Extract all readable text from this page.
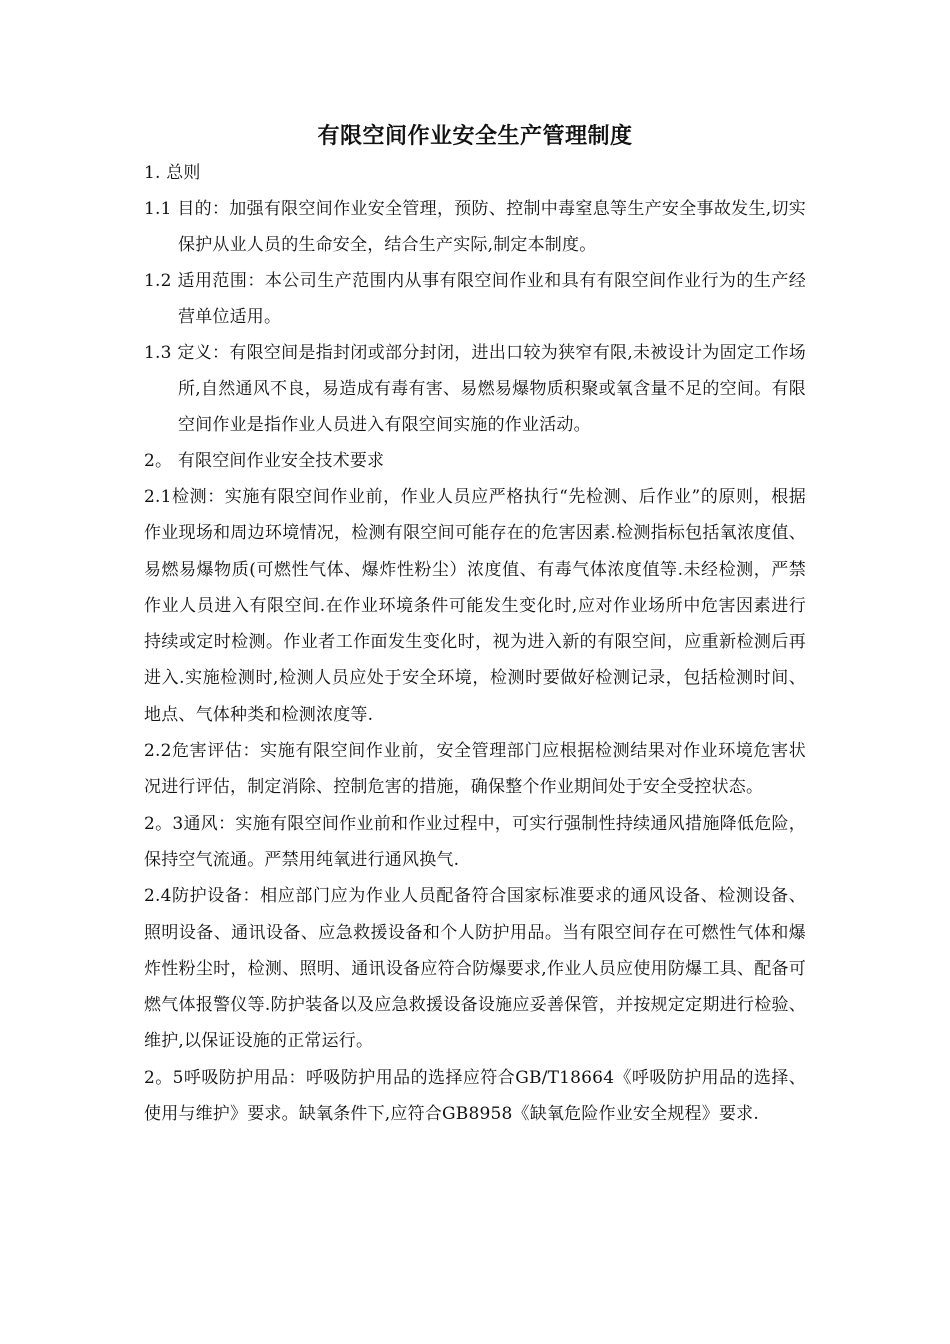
有限空间作业安全生产管理制度

1. 总则

1.1 目的：加强有限空间作业安全管理，预防、控制中毒窒息等生产安全事故发生,切实保护从业人员的生命安全，结合生产实际,制定本制度。

1.2 适用范围：本公司生产范围内从事有限空间作业和具有有限空间作业行为的生产经营单位适用。

1.3 定义：有限空间是指封闭或部分封闭，进出口较为狭窄有限,未被设计为固定工作场所,自然通风不良，易造成有毒有害、易燃易爆物质积聚或氧含量不足的空间。有限空间作业是指作业人员进入有限空间实施的作业活动。

2。 有限空间作业安全技术要求

2.1检测：实施有限空间作业前，作业人员应严格执行“先检测、后作业”的原则，根据作业现场和周边环境情况，检测有限空间可能存在的危害因素.检测指标包括氧浓度值、易燃易爆物质(可燃性气体、爆炸性粉尘）浓度值、有毒气体浓度值等.未经检测，严禁作业人员进入有限空间.在作业环境条件可能发生变化时,应对作业场所中危害因素进行持续或定时检测。作业者工作面发生变化时，视为进入新的有限空间，应重新检测后再进入.实施检测时,检测人员应处于安全环境，检测时要做好检测记录，包括检测时间、地点、气体种类和检测浓度等.

2.2危害评估：实施有限空间作业前，安全管理部门应根据检测结果对作业环境危害状况进行评估，制定消除、控制危害的措施，确保整个作业期间处于安全受控状态。

2。3通风：实施有限空间作业前和作业过程中，可实行强制性持续通风措施降低危险，保持空气流通。严禁用纯氧进行通风换气.

2.4防护设备：相应部门应为作业人员配备符合国家标准要求的通风设备、检测设备、照明设备、通讯设备、应急救援设备和个人防护用品。当有限空间存在可燃性气体和爆炸性粉尘时，检测、照明、通讯设备应符合防爆要求,作业人员应使用防爆工具、配备可燃气体报警仪等.防护装备以及应急救援设备设施应妥善保管，并按规定定期进行检验、维护,以保证设施的正常运行。

2。5呼吸防护用品：呼吸防护用品的选择应符合GB/T18664《呼吸防护用品的选择、使用与维护》要求。缺氧条件下,应符合GB8958《缺氧危险作业安全规程》要求.
